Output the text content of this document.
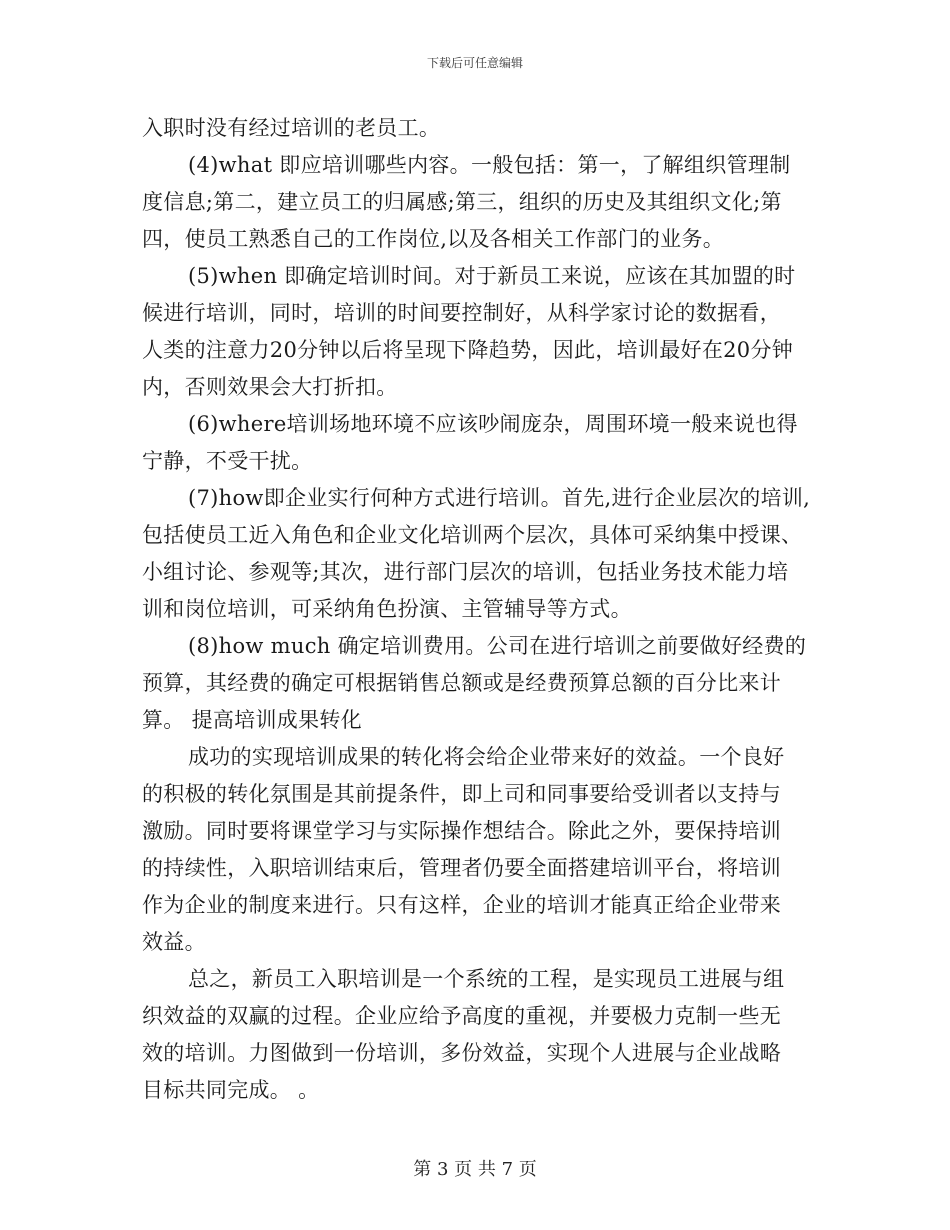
下载后可任意编辑
入职时没有经过培训的老员工。
(4)what 即应培训哪些内容。一般包括：第一，了解组织管理制
度信息;第二，建立员工的归属感;第三，组织的历史及其组织文化;第
四，使员工熟悉自己的工作岗位,以及各相关工作部门的业务。
(5)when 即确定培训时间。对于新员工来说，应该在其加盟的时
候进行培训，同时，培训的时间要控制好，从科学家讨论的数据看，
人类的注意力20分钟以后将呈现下降趋势，因此，培训最好在20分钟
内，否则效果会大打折扣。
(6)where培训场地环境不应该吵闹庞杂，周围环境一般来说也得
宁静，不受干扰。
(7)how即企业实行何种方式进行培训。首先,进行企业层次的培训,
包括使员工近入角色和企业文化培训两个层次，具体可采纳集中授课、
小组讨论、参观等;其次，进行部门层次的培训，包括业务技术能力培
训和岗位培训，可采纳角色扮演、主管辅导等方式。
(8)how much 确定培训费用。公司在进行培训之前要做好经费的
预算，其经费的确定可根据销售总额或是经费预算总额的百分比来计
算。 提高培训成果转化
成功的实现培训成果的转化将会给企业带来好的效益。一个良好
的积极的转化氛围是其前提条件，即上司和同事要给受训者以支持与
激励。同时要将课堂学习与实际操作想结合。除此之外，要保持培训
的持续性，入职培训结束后，管理者仍要全面搭建培训平台，将培训
作为企业的制度来进行。只有这样，企业的培训才能真正给企业带来
效益。
总之，新员工入职培训是一个系统的工程，是实现员工进展与组
织效益的双赢的过程。企业应给予高度的重视，并要极力克制一些无
效的培训。力图做到一份培训，多份效益，实现个人进展与企业战略
目标共同完成。 。
第 3 页 共 7 页
